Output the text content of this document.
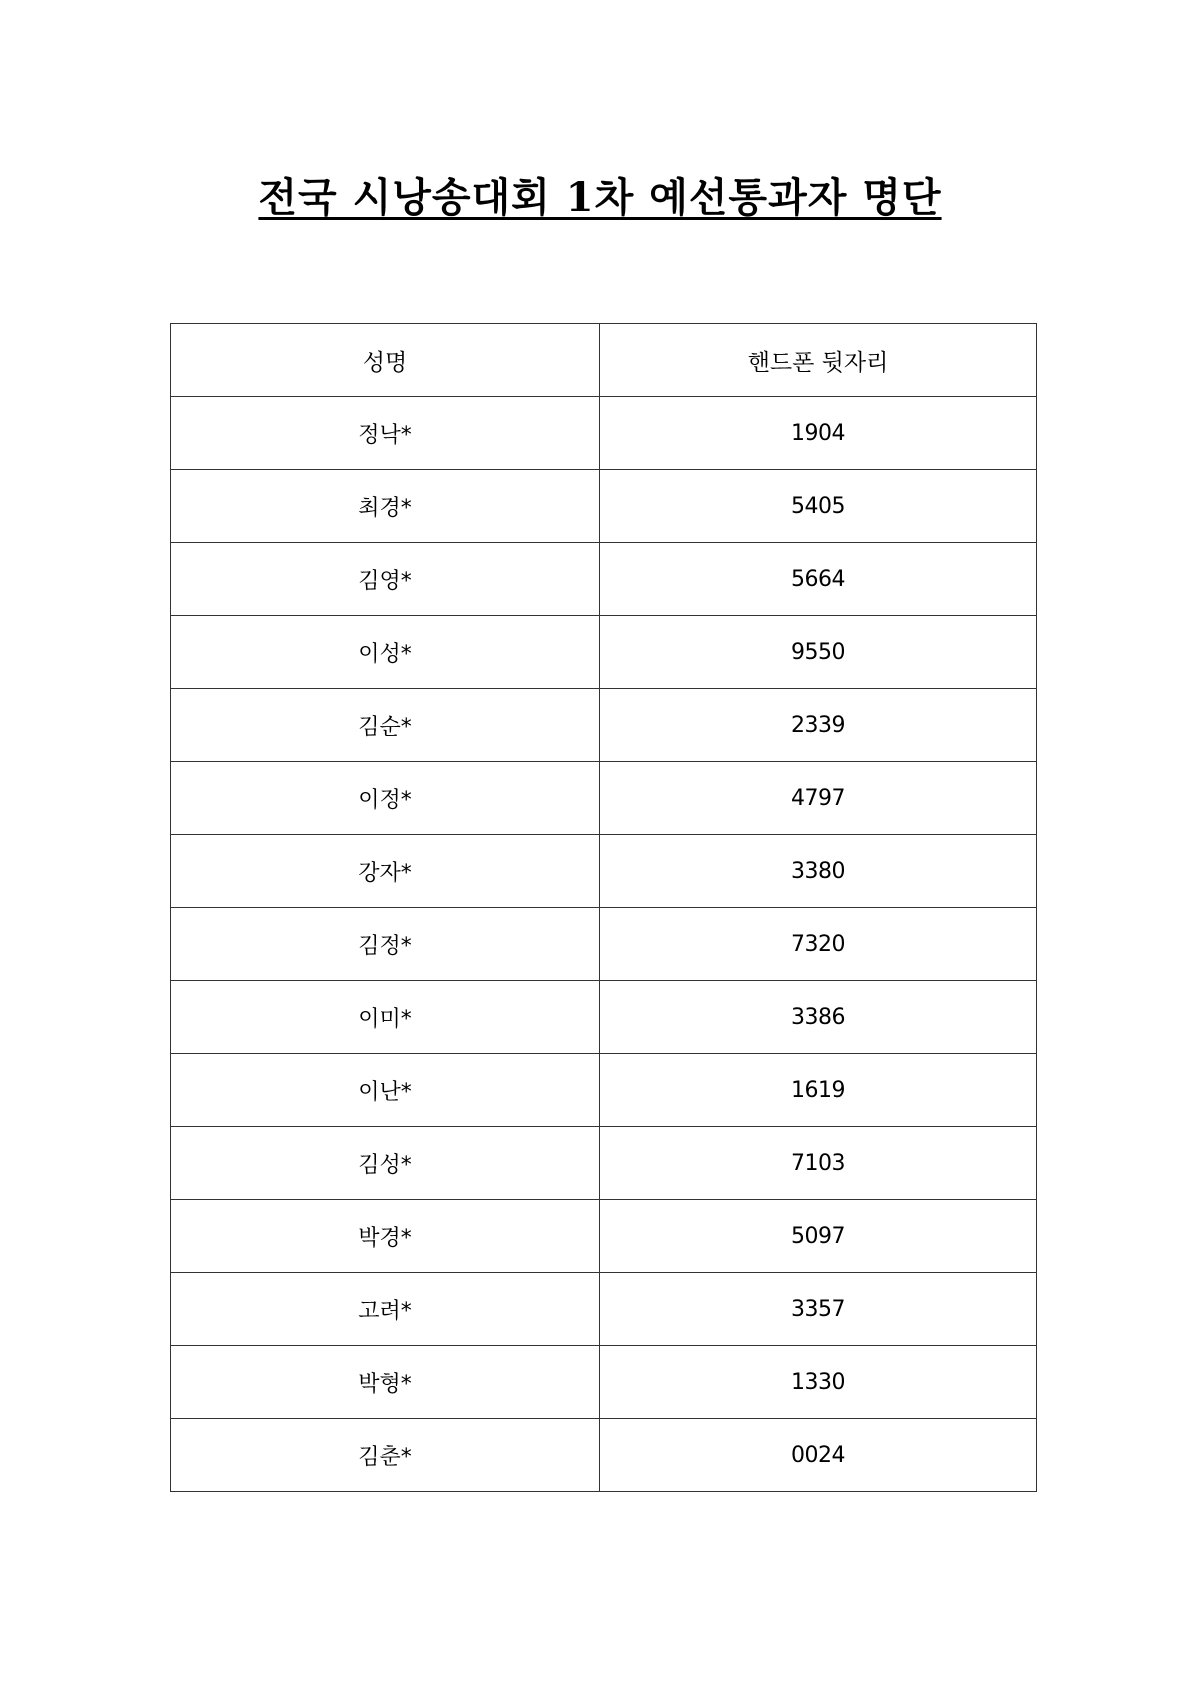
전국 시낭송대회 1차 예선통과자 명단
성명	핸드폰 뒷자리
정낙*	1904
최경*	5405
김영*	5664
이성*	9550
김순*	2339
이정*	4797
강자*	3380
김정*	7320
이미*	3386
이난*	1619
김성*	7103
박경*	5097
고려*	3357
박형*	1330
김춘*	0024
